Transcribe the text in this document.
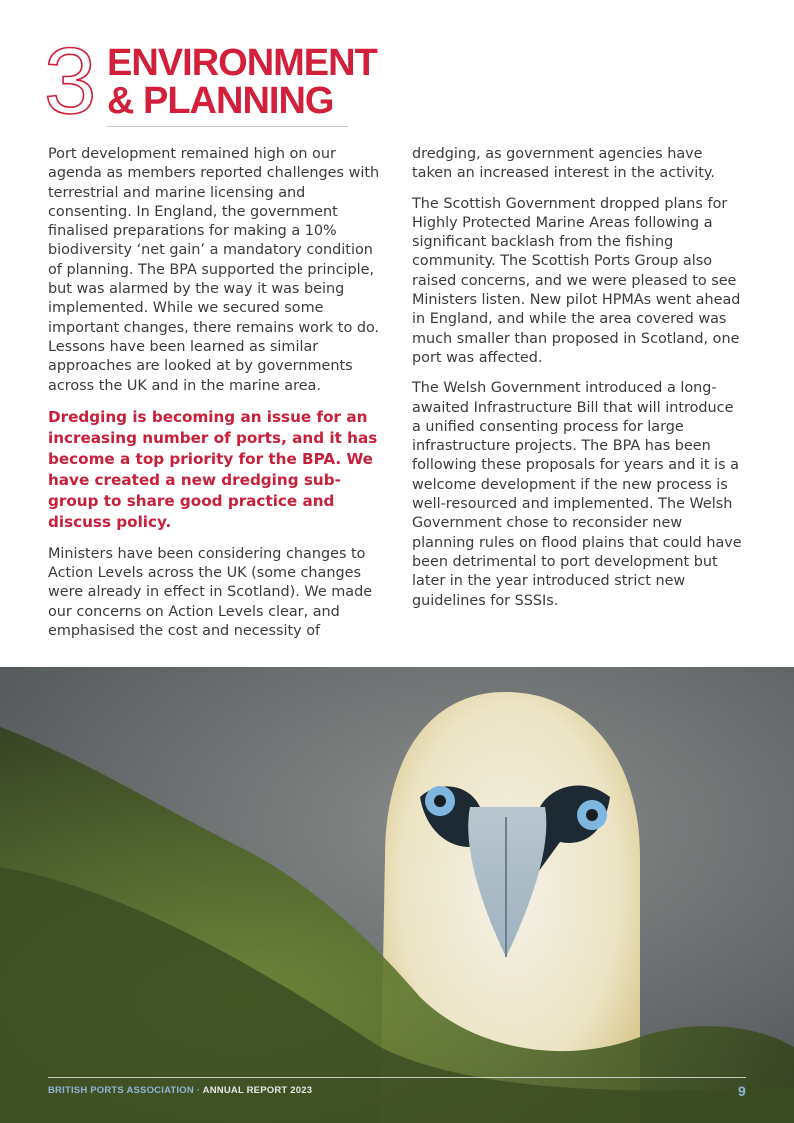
3 ENVIRONMENT
& PLANNING

Port development remained high on our agenda as members reported challenges with terrestrial and marine licensing and consenting. In England, the government finalised preparations for making a 10% biodiversity ‘net gain’ a mandatory condition of planning. The BPA supported the principle, but was alarmed by the way it was being implemented. While we secured some important changes, there remains work to do. Lessons have been learned as similar approaches are looked at by governments across the UK and in the marine area.

Dredging is becoming an issue for an increasing number of ports, and it has become a top priority for the BPA. We have created a new dredging sub-group to share good practice and discuss policy.

Ministers have been considering changes to Action Levels across the UK (some changes were already in effect in Scotland). We made our concerns on Action Levels clear, and emphasised the cost and necessity of

dredging, as government agencies have taken an increased interest in the activity.

The Scottish Government dropped plans for Highly Protected Marine Areas following a significant backlash from the fishing community. The Scottish Ports Group also raised concerns, and we were pleased to see Ministers listen. New pilot HPMAs went ahead in England, and while the area covered was much smaller than proposed in Scotland, one port was affected.

The Welsh Government introduced a long-awaited Infrastructure Bill that will introduce a unified consenting process for large infrastructure projects. The BPA has been following these proposals for years and it is a welcome development if the new process is well-resourced and implemented. The Welsh Government chose to reconsider new planning rules on flood plains that could have been detrimental to port development but later in the year introduced strict new guidelines for SSSIs.

BRITISH PORTS ASSOCIATION · ANNUAL REPORT 2023	9
